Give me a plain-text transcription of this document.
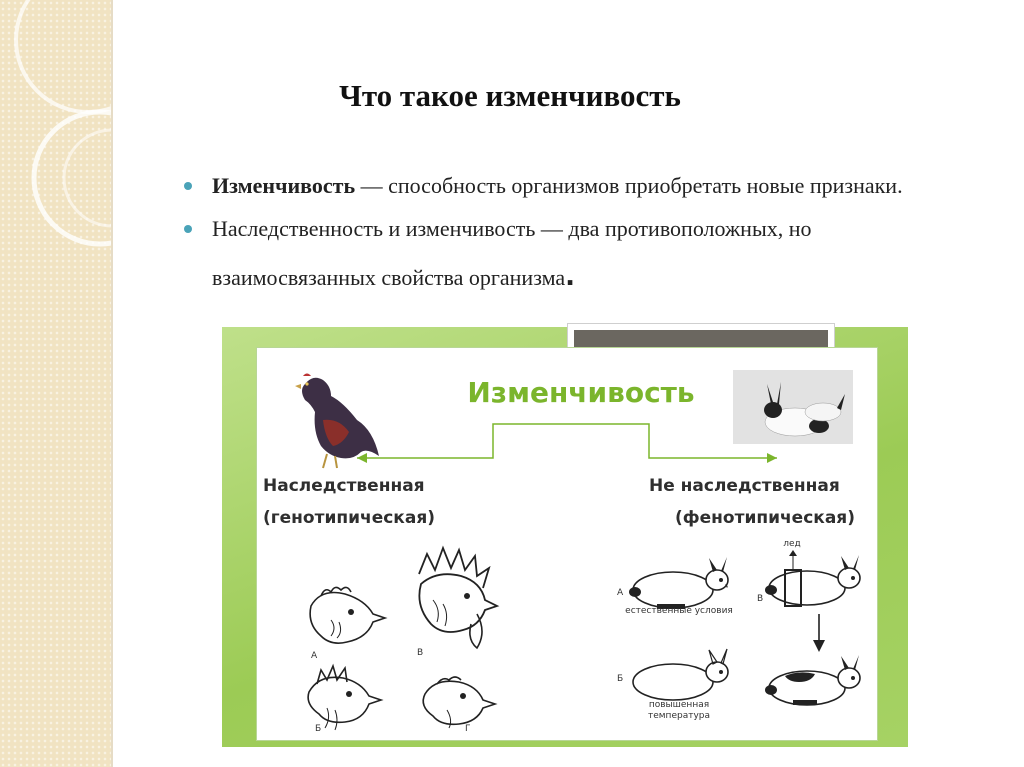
Что такое изменчивость
Изменчивость — способность организмов приобретать новые признаки.
Наследственность и изменчивость — два противоположных, но
взаимосвязанных свойства организма.
Изменчивость
Наследственная
(генотипическая)
Не наследственная
(фенотипическая)
А	В
Б	Г
А
естественные условия
лед
В
Б
повышенная
температура
